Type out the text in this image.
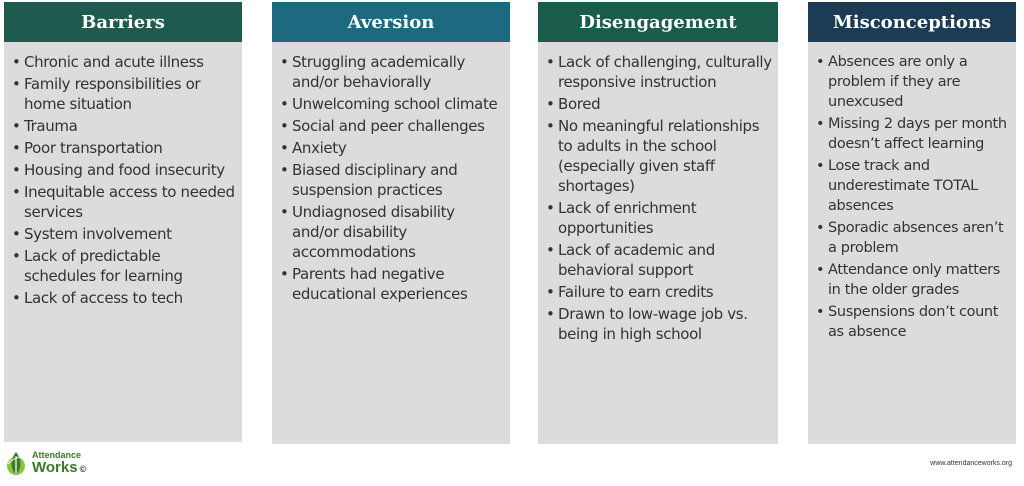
Barriers
• Chronic and acute illness
• Family responsibilities or home situation
• Trauma
• Poor transportation
• Housing and food insecurity
• Inequitable access to needed services
• System involvement
• Lack of predictable schedules for learning
• Lack of access to tech
Aversion
• Struggling academically and/or behaviorally
• Unwelcoming school climate
• Social and peer challenges
• Anxiety
• Biased disciplinary and suspension practices
• Undiagnosed disability and/or disability accommodations
• Parents had negative educational experiences
Disengagement
• Lack of challenging, culturally responsive instruction
• Bored
• No meaningful relationships to adults in the school (especially given staff shortages)
• Lack of enrichment opportunities
• Lack of academic and behavioral support
• Failure to earn credits
• Drawn to low-wage job vs. being in high school
Misconceptions
• Absences are only a problem if they are unexcused
• Missing 2 days per month doesn’t affect learning
• Lose track and underestimate TOTAL absences
• Sporadic absences aren’t a problem
• Attendance only matters in the older grades
• Suspensions don’t count as absence
Attendance
Works ©	www.attendanceworks.org
